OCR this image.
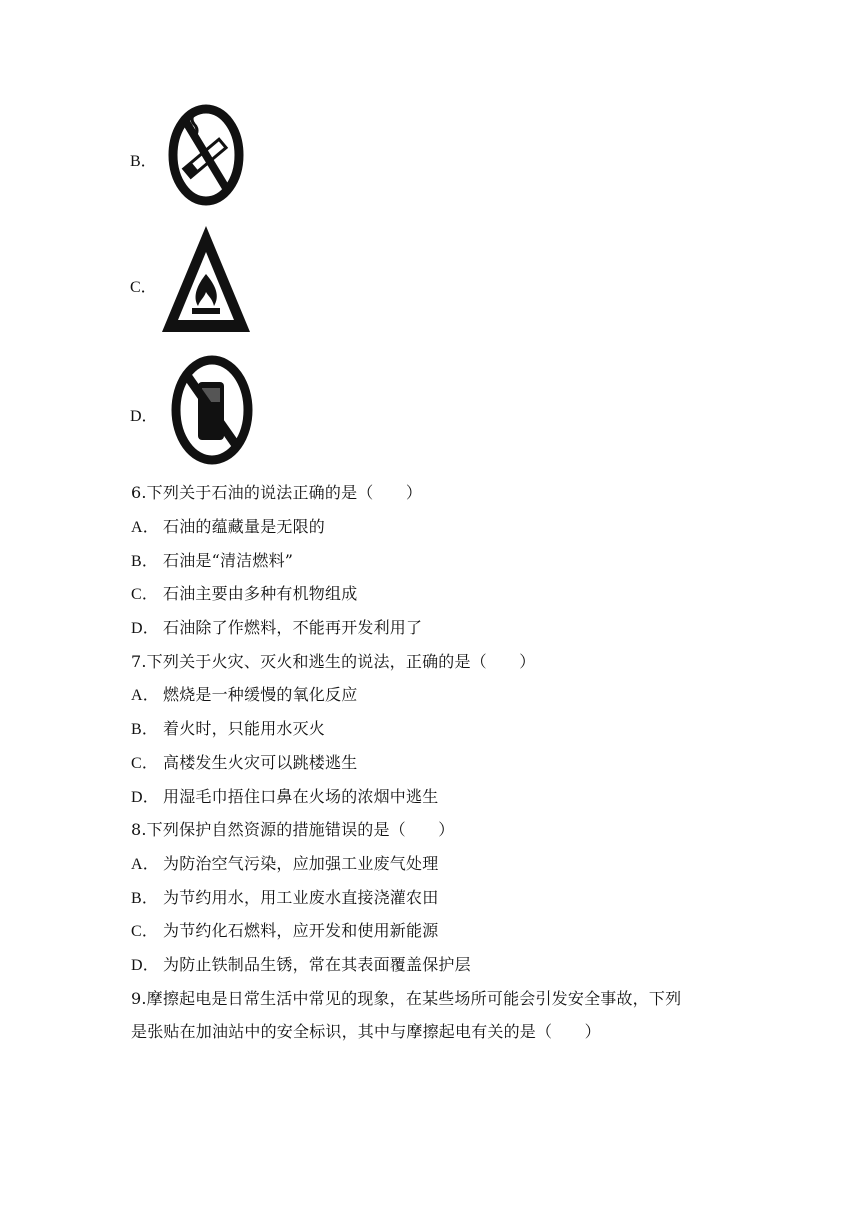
B．
C．
D．
6.下列关于石油的说法正确的是（　　）
A． 石油的蕴藏量是无限的
B． 石油是“清洁燃料”
C． 石油主要由多种有机物组成
D． 石油除了作燃料，不能再开发利用了
7.下列关于火灾、灭火和逃生的说法，正确的是（　　）
A． 燃烧是一种缓慢的氧化反应
B． 着火时，只能用水灭火
C． 高楼发生火灾可以跳楼逃生
D． 用湿毛巾捂住口鼻在火场的浓烟中逃生
8.下列保护自然资源的措施错误的是（　　）
A． 为防治空气污染，应加强工业废气处理
B． 为节约用水，用工业废水直接浇灌农田
C． 为节约化石燃料，应开发和使用新能源
D． 为防止铁制品生锈，常在其表面覆盖保护层
9.摩擦起电是日常生活中常见的现象，在某些场所可能会引发安全事故，下列
是张贴在加油站中的安全标识，其中与摩擦起电有关的是（　　）
